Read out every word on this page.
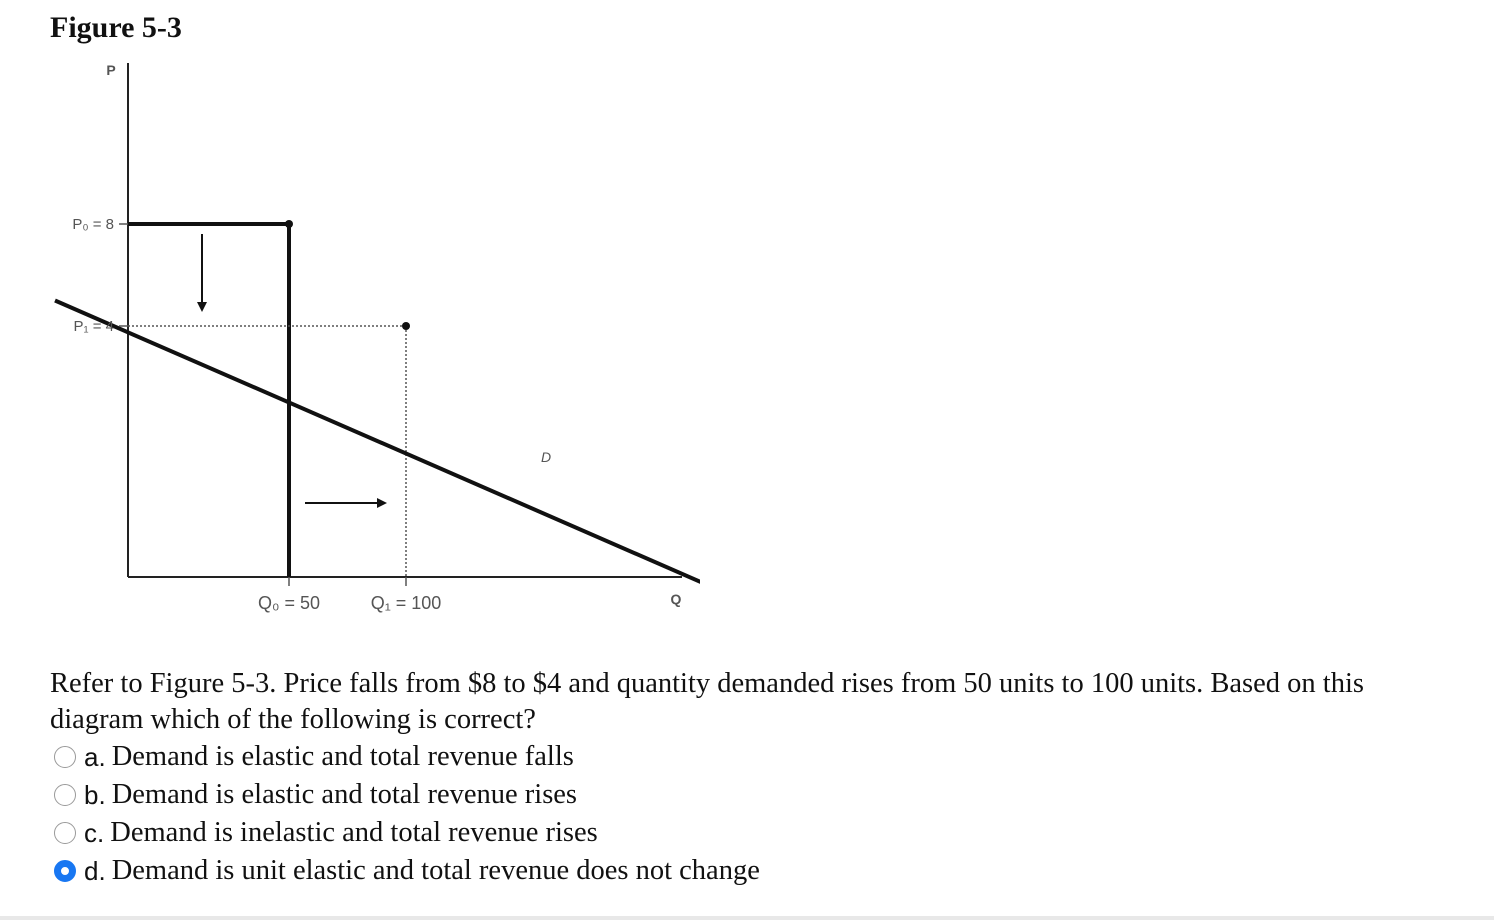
Figure 5-3
P
Q
P₀ = 8
P₁ = 4
Q₀ = 50	Q₁ = 100
D
Refer to Figure 5-3. Price falls from $8 to $4 and quantity demanded rises from 50 units to 100 units. Based on this diagram which of the following is correct?
a. Demand is elastic and total revenue falls
b. Demand is elastic and total revenue rises
c. Demand is inelastic and total revenue rises
d. Demand is unit elastic and total revenue does not change
